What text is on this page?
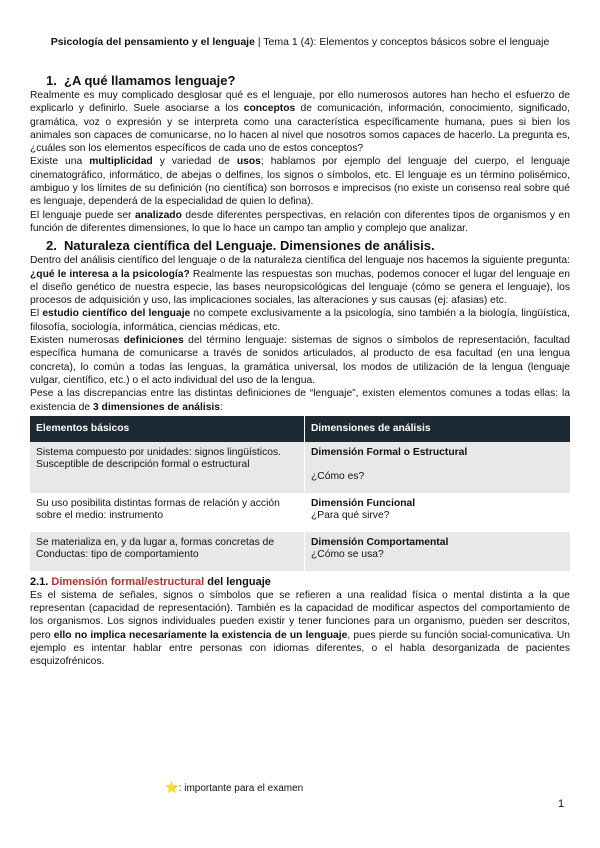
Psicología del pensamiento y el lenguaje | Tema 1 (4): Elementos y conceptos básicos sobre el lenguaje
1. ¿A qué llamamos lenguaje?

Realmente es muy complicado desglosar qué es el lenguaje, por ello numerosos autores han hecho el esfuerzo de explicarlo y definirlo. Suele asociarse a los conceptos de comunicación, información, conocimiento, significado, gramática, voz o expresión y se interpreta como una característica específicamente humana, pues si bien los animales son capaces de comunicarse, no lo hacen al nivel que nosotros somos capaces de hacerlo. La pregunta es, ¿cuáles son los elementos específicos de cada uno de estos conceptos?

Existe una multiplicidad y variedad de usos; hablamos por ejemplo del lenguaje del cuerpo, el lenguaje cinematográfico, informático, de abejas o delfines, los signos o símbolos, etc. El lenguaje es un término polisémico, ambiguo y los límites de su definición (no científica) son borrosos e imprecisos (no existe un consenso real sobre qué es lenguaje, dependerá de la especialidad de quien lo defina).

El lenguaje puede ser analizado desde diferentes perspectivas, en relación con diferentes tipos de organismos y en función de diferentes dimensiones, lo que lo hace un campo tan amplio y complejo que analizar.

2. Naturaleza científica del Lenguaje. Dimensiones de análisis.

Dentro del análisis científico del lenguaje o de la naturaleza científica del lenguaje nos hacemos la siguiente pregunta: ¿qué le interesa a la psicología? Realmente las respuestas son muchas, podemos conocer el lugar del lenguaje en el diseño genético de nuestra especie, las bases neuropsicológicas del lenguaje (cómo se genera el lenguaje), los procesos de adquisición y uso, las implicaciones sociales, las alteraciones y sus causas (ej: afasias) etc.

El estudio científico del lenguaje no compete exclusivamente a la psicología, sino también a la biología, lingüística, filosofía, sociología, informática, ciencias médicas, etc.

Existen numerosas definiciones del término lenguaje: sistemas de signos o símbolos de representación, facultad específica humana de comunicarse a través de sonidos articulados, al producto de esa facultad (en una lengua concreta), lo común a todas las lenguas, la gramática universal, los modos de utilización de la lengua (lenguaje vulgar, científico, etc.) o el acto individual del uso de la lengua.

Pese a las discrepancias entre las distintas definiciones de “lenguaje”, existen elementos comunes a todas ellas: la existencia de 3 dimensiones de análisis:

Elementos básicos	Dimensiones de análisis
Sistema compuesto por unidades: signos lingüísticos.
Susceptible de descripción formal o estructural	Dimensión Formal o Estructural
¿Cómo es?
Su uso posibilita distintas formas de relación y acción sobre el medio: instrumento	Dimensión Funcional
¿Para qué sirve?
Se materializa en, y da lugar a, formas concretas de Conductas: tipo de comportamiento	Dimensión Comportamental
¿Cómo se usa?
2.1. Dimensión formal/estructural del lenguaje

Es el sistema de señales, signos o símbolos que se refieren a una realidad física o mental distinta a la que representan (capacidad de representación). También es la capacidad de modificar aspectos del comportamiento de los organismos. Los signos individuales pueden existir y tener funciones para un organismo, pueden ser descritos, pero ello no implica necesariamente la existencia de un lenguaje, pues pierde su función social-comunicativa. Un ejemplo es intentar hablar entre personas con idiomas diferentes, o el habla desorganizada de pacientes esquizofrénicos.

⭐: importante para el examen
1
